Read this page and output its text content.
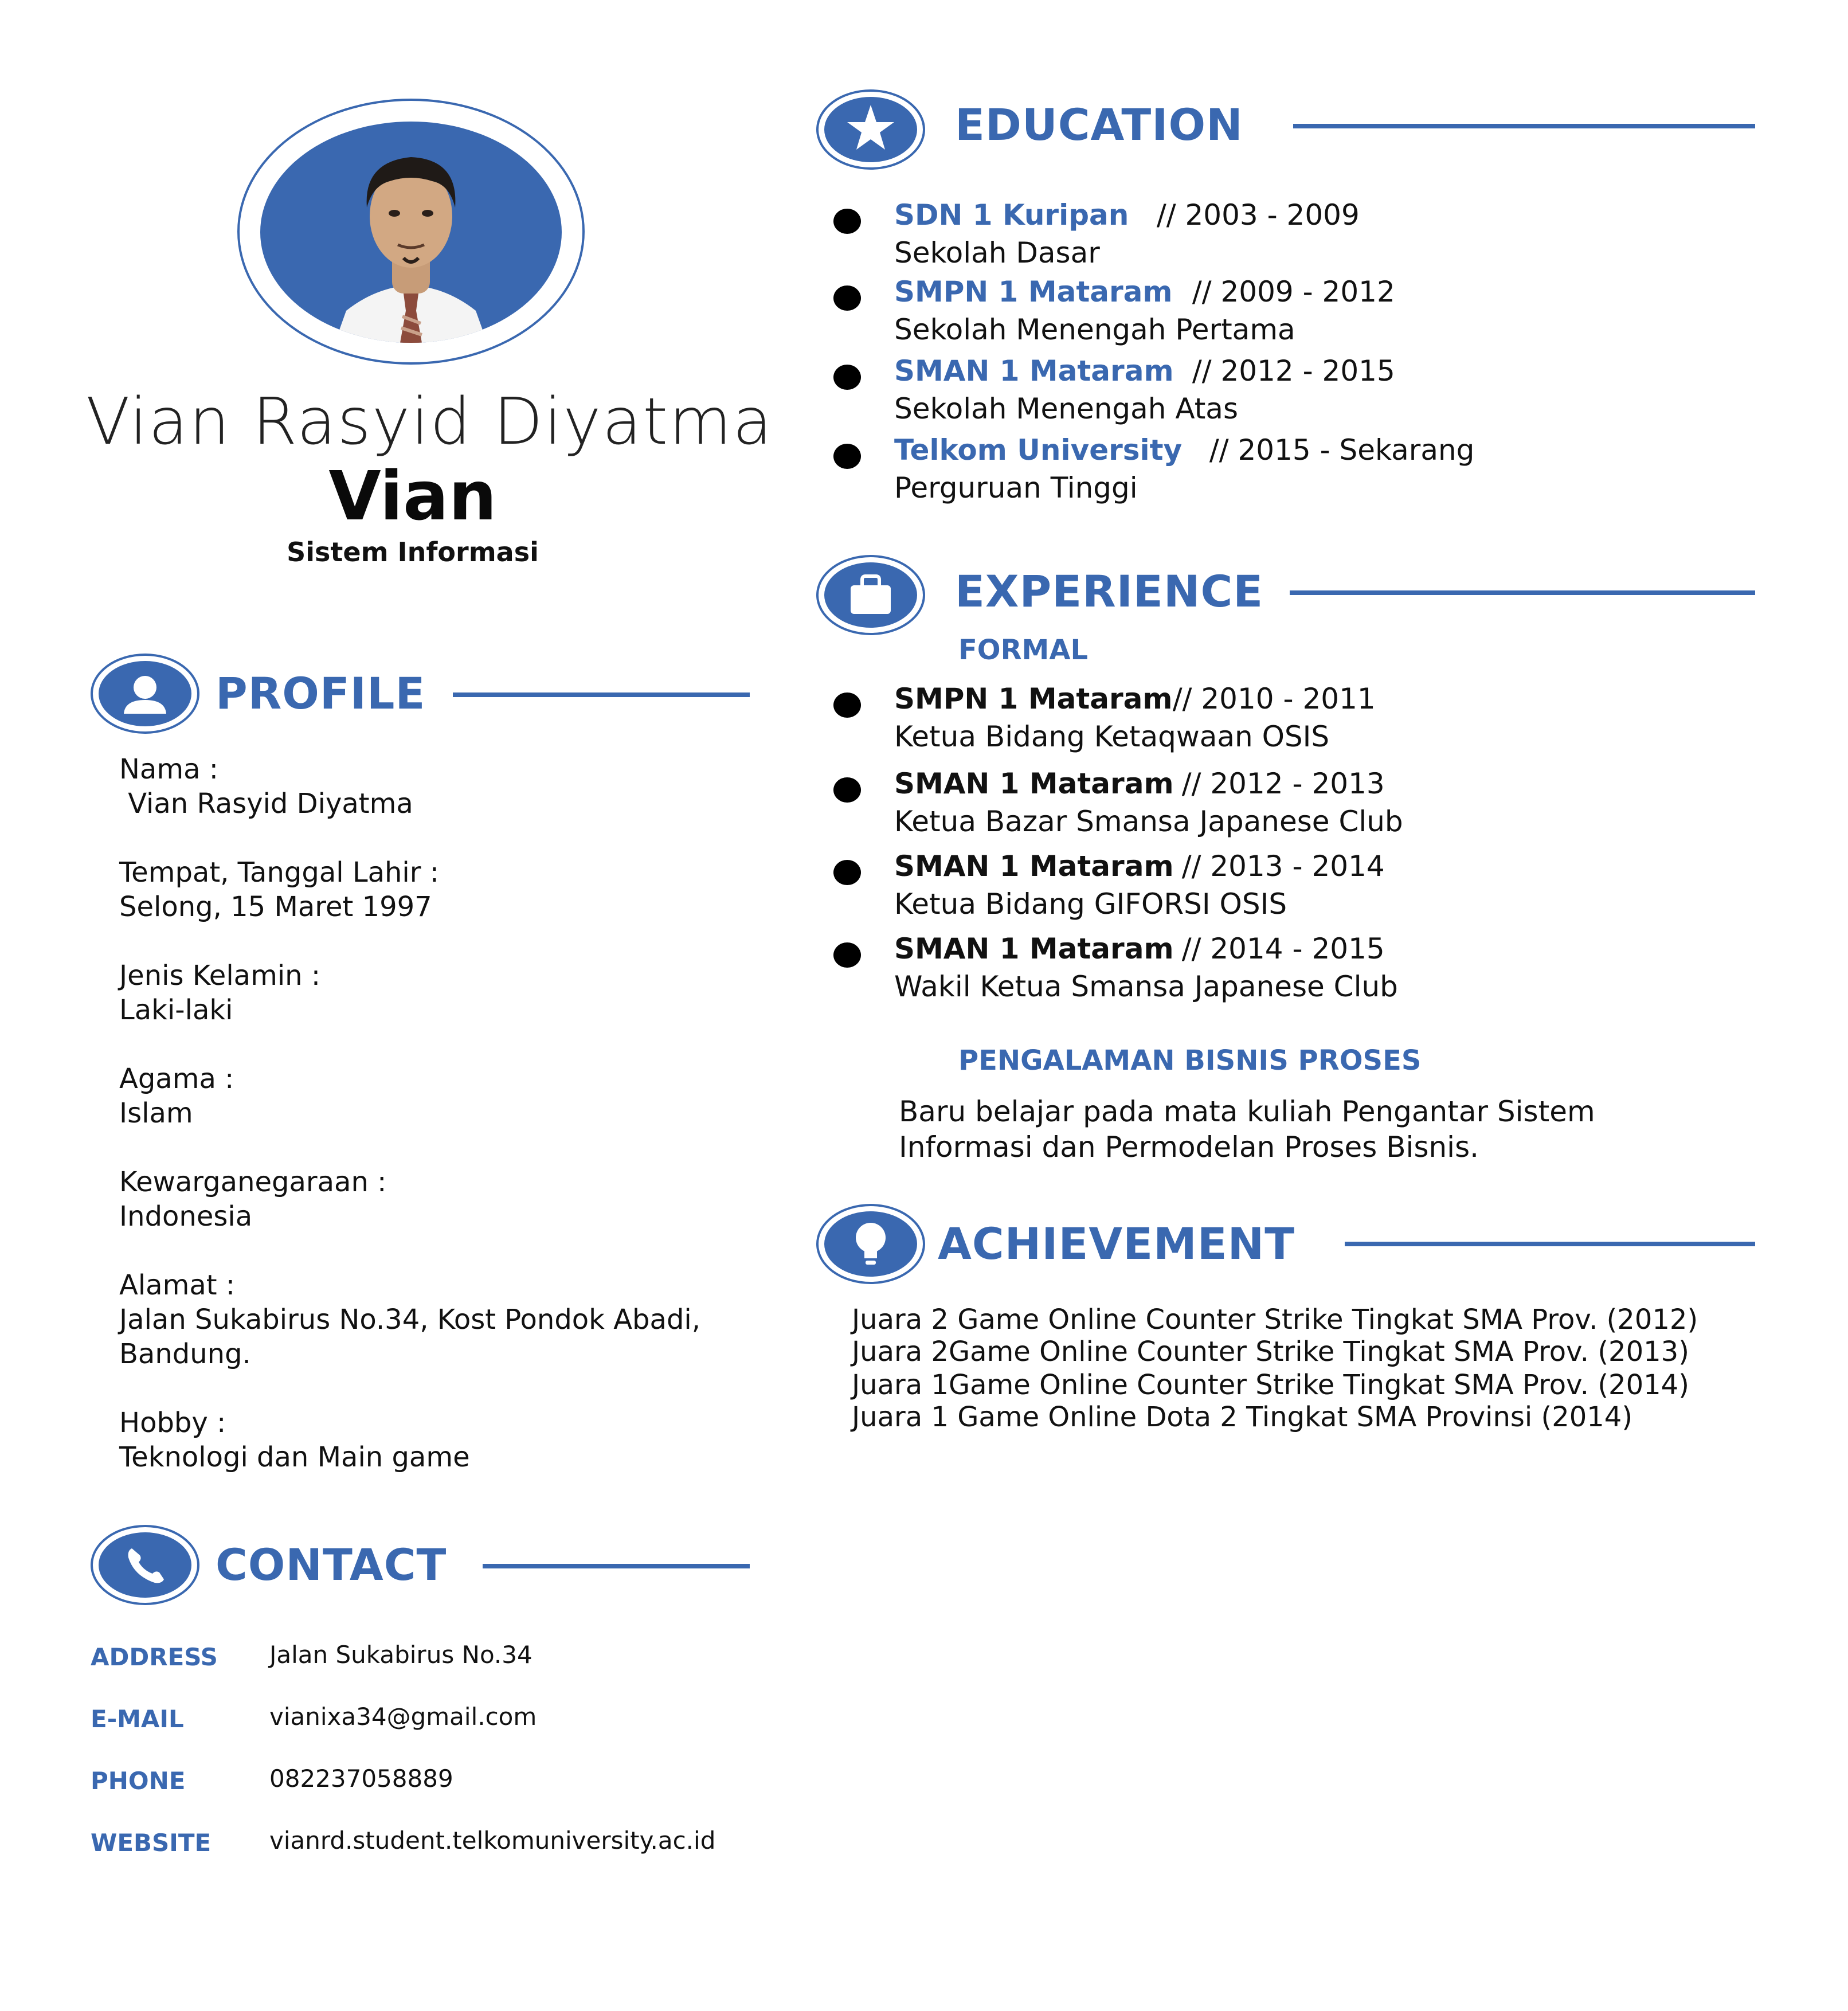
Vian Rasyid Diyatma
Vian
Sistem Informasi
PROFILE
Nama :
Vian Rasyid Diyatma
Tempat, Tanggal Lahir :
Selong, 15 Maret 1997
Jenis Kelamin :
Laki-laki
Agama :
Islam
Kewarganegaraan :
Indonesia
Alamat :
Jalan Sukabirus No.34, Kost Pondok Abadi,
Bandung.
Hobby :
Teknologi dan Main game
CONTACT
ADDRESS Jalan Sukabirus No.34
E-MAIL	vianixa34@gmail.com
PHONE	082237058889
WEBSITE vianrd.student.telkomuniversity.ac.id
EDUCATION
SDN 1 Kuripan // 2003 - 2009
Sekolah Dasar
SMPN 1 Mataram // 2009 - 2012
Sekolah Menengah Pertama
SMAN 1 Mataram // 2012 - 2015
Sekolah Menengah Atas
Telkom University // 2015 - Sekarang
Perguruan Tinggi
EXPERIENCE
FORMAL
SMPN 1 Mataram
// 2010 - 2011
Ketua Bidang Ketaqwaan OSIS
SMAN 1 Mataram
// 2012 - 2013
Ketua Bazar Smansa Japanese Club
SMAN 1 Mataram
// 2013 - 2014
Ketua Bidang GIFORSI OSIS
SMAN 1 Mataram
// 2014 - 2015
Wakil Ketua Smansa Japanese Club
PENGALAMAN BISNIS PROSES
Baru belajar pada mata kuliah Pengantar Sistem
Informasi dan Permodelan Proses Bisnis.
ACHIEVEMENT
Juara 2 Game Online Counter Strike Tingkat SMA Prov. (2012)
Juara 2Game Online Counter Strike Tingkat SMA Prov. (2013)
Juara 1Game Online Counter Strike Tingkat SMA Prov. (2014)
Juara 1 Game Online Dota 2 Tingkat SMA Provinsi (2014)
